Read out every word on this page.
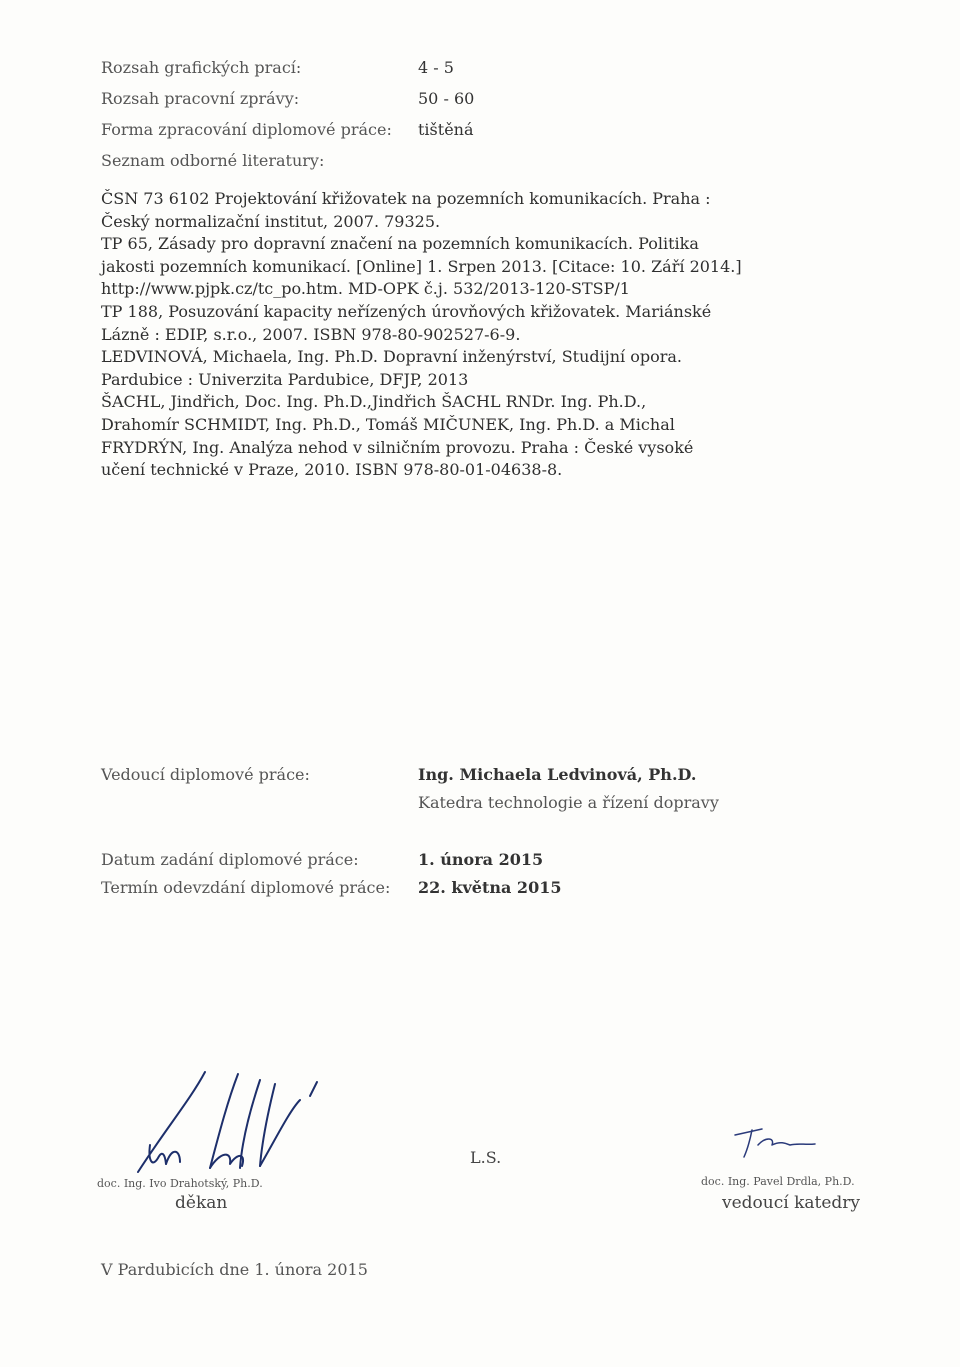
Rozsah grafických prací:	4 - 5
Rozsah pracovní zprávy:	50 - 60
Forma zpracování diplomové práce: tištěná
Seznam odborné literatury:
ČSN 73 6102 Projektování křižovatek na pozemních komunikacích. Praha :
Český normalizační institut, 2007. 79325.
TP 65, Zásady pro dopravní značení na pozemních komunikacích. Politika
jakosti pozemních komunikací. [Online] 1. Srpen 2013. [Citace: 10. Září 2014.]
http://www.pjpk.cz/tc_po.htm. MD-OPK č.j. 532/2013-120-STSP/1
TP 188, Posuzování kapacity neřízených úrovňových křižovatek. Mariánské
Lázně : EDIP, s.r.o., 2007. ISBN 978-80-902527-6-9.
LEDVINOVÁ, Michaela, Ing. Ph.D. Dopravní inženýrství, Studijní opora.
Pardubice : Univerzita Pardubice, DFJP, 2013
ŠACHL, Jindřich, Doc. Ing. Ph.D.,Jindřich ŠACHL RNDr. Ing. Ph.D.,
Drahomír SCHMIDT, Ing. Ph.D., Tomáš MIČUNEK, Ing. Ph.D. a Michal
FRYDRÝN, Ing. Analýza nehod v silničním provozu. Praha : České vysoké
učení technické v Praze, 2010. ISBN 978-80-01-04638-8.
Vedoucí diplomové práce:	Ing. Michaela Ledvinová, Ph.D.
Katedra technologie a řízení dopravy
Datum zadání diplomové práce:	1. února 2015
Termín odevzdání diplomové práce: 22. května 2015
L.S.
doc. Ing. Ivo Drahotský, Ph.D.
děkan
doc. Ing. Pavel Drdla, Ph.D.
vedoucí katedry
V Pardubicích dne 1. února 2015
